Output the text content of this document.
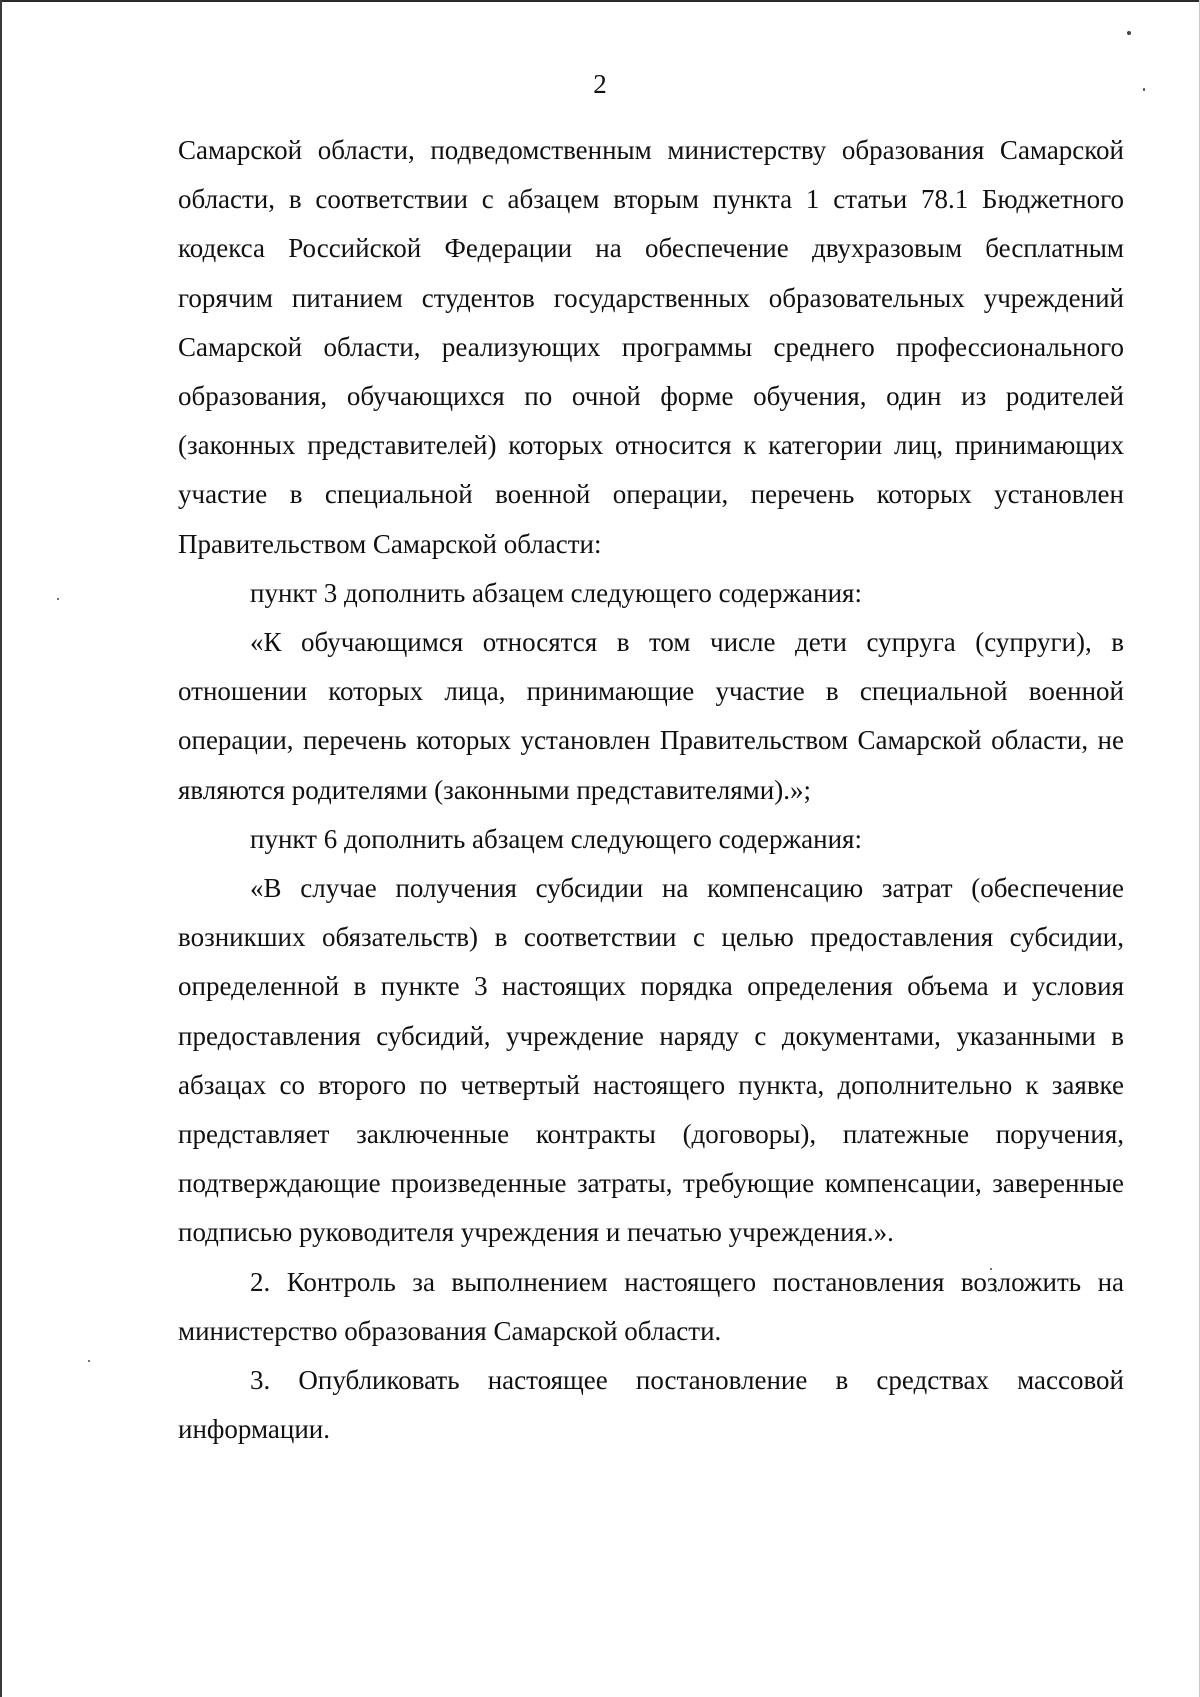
2

Самарской области, подведомственным министерству образования Самарской области, в соответствии с абзацем вторым пункта 1 статьи 78.1 Бюджетного кодекса Российской Федерации на обеспечение двухразовым бесплатным горячим питанием студентов государственных образовательных учреждений Самарской области, реализующих программы среднего профессионального образования, обучающихся по очной форме обучения, один из родителей (законных представителей) которых относится к категории лиц, принимающих участие в специальной военной операции, перечень которых установлен Правительством Самарской области:

пункт 3 дополнить абзацем следующего содержания:

«К обучающимся относятся в том числе дети супруга (супруги), в отношении которых лица, принимающие участие в специальной военной операции, перечень которых установлен Правительством Самарской области, не являются родителями (законными представителями).»;

пункт 6 дополнить абзацем следующего содержания:

«В случае получения субсидии на компенсацию затрат (обеспечение возникших обязательств) в соответствии с целью предоставления субсидии, определенной в пункте 3 настоящих порядка определения объема и условия предоставления субсидий, учреждение наряду с документами, указанными в абзацах со второго по четвертый настоящего пункта, дополнительно к заявке представляет заключенные контракты (договоры), платежные поручения, подтверждающие произведенные затраты, требующие компенсации, заверенные подписью руководителя учреждения и печатью учреждения.».

2. Контроль за выполнением настоящего постановления возложить на министерство образования Самарской области.

3. Опубликовать настоящее постановление в средствах массовой информации.
